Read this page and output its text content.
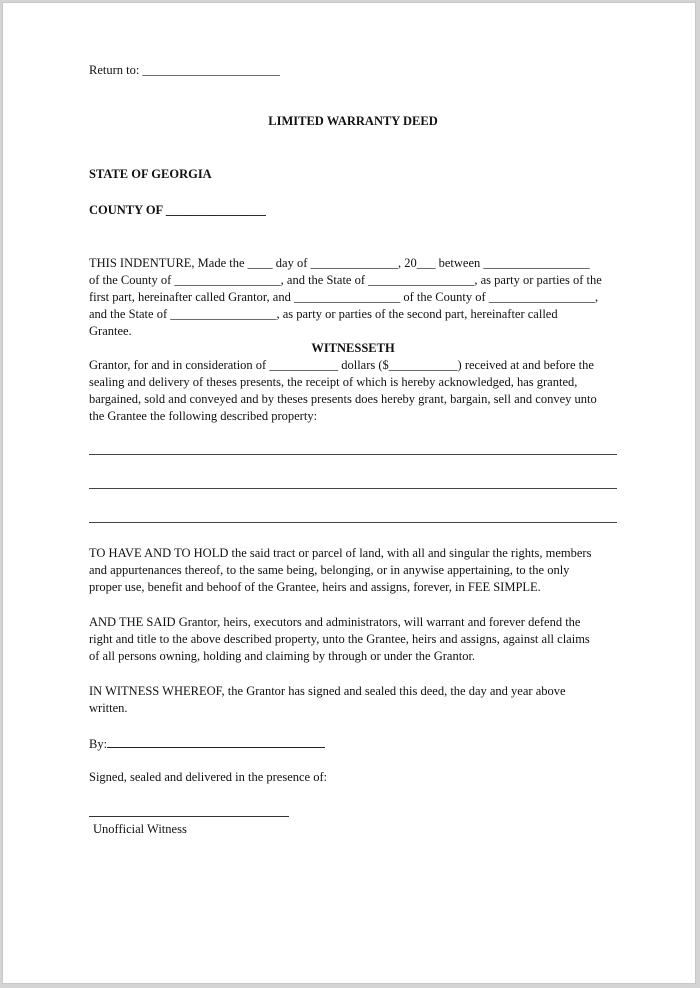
Return to: ______________________
LIMITED WARRANTY DEED
STATE OF GEORGIA
COUNTY OF ________________
THIS INDENTURE, Made the ____ day of ______________, 20___ between _________________
of the County of _________________, and the State of _________________, as party or parties of the
first part, hereinafter called Grantor, and _________________ of the County of _________________,
and the State of _________________, as party or parties of the second part, hereinafter called
Grantee.
WITNESSETH
Grantor, for and in consideration of ___________ dollars ($___________) received at and before the
sealing and delivery of theses presents, the receipt of which is hereby acknowledged, has granted,
bargained, sold and conveyed and by theses presents does hereby grant, bargain, sell and convey unto
the Grantee the following described property:
TO HAVE AND TO HOLD the said tract or parcel of land, with all and singular the rights, members
and appurtenances thereof, to the same being, belonging, or in anywise appertaining, to the only
proper use, benefit and behoof of the Grantee, heirs and assigns, forever, in FEE SIMPLE.
AND THE SAID Grantor, heirs, executors and administrators, will warrant and forever defend the
right and title to the above described property, unto the Grantee, heirs and assigns, against all claims
of all persons owning, holding and claiming by through or under the Grantor.
IN WITNESS WHEREOF, the Grantor has signed and sealed this deed, the day and year above
written.
By:
Signed, sealed and delivered in the presence of:
Unofficial Witness
